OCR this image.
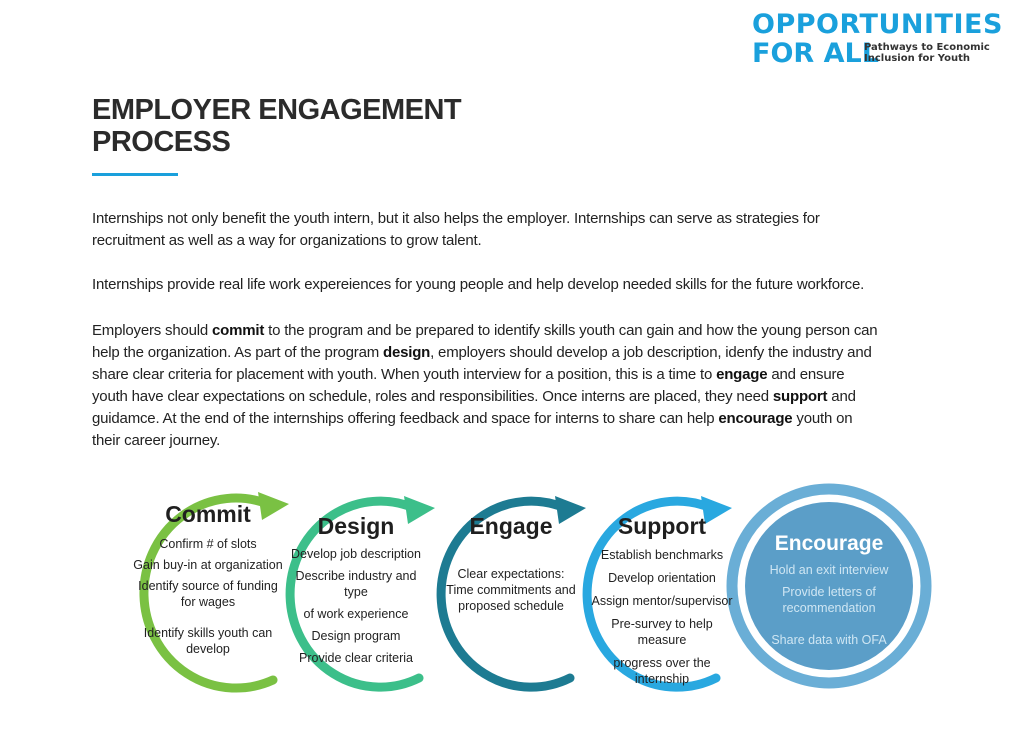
OPPORTUNITIES
FOR ALL
Pathways to Economic
Inclusion for Youth
EMPLOYER ENGAGEMENT
PROCESS
Internships not only benefit the youth intern, but it also helps the employer. Internships can serve as strategies for recruitment as well as a way for organizations to grow talent.
Internships provide real life work expereiences for young people and help develop needed skills for the future workforce.
Employers should commit to the program and be prepared to identify skills youth can gain and how the young person can help the organization. As part of the program design, employers should develop a job description, idenfy the industry and share clear criteria for placement with youth. When youth interview for a position, this is a time to engage and ensure youth have clear expectations on schedule, roles and responsibilities. Once interns are placed, they need support and guidamce. At the end of the internships offering feedback and space for interns to share can help encourage youth on their career journey.
Commit
Confirm # of slots
Gain buy-in at organization
Identify source of funding
for wages
Identify skills youth can
develop
Design
Develop job description
Describe industry and type
of work experience
Design program
Provide clear criteria
Engage
Clear expectations:
Time commitments and
proposed schedule
Support
Establish benchmarks
Develop orientation
Assign mentor/supervisor
Pre-survey to help measure
progress over the internship
Encourage
Hold an exit interview
Provide letters of
recommendation
Share data with OFA
